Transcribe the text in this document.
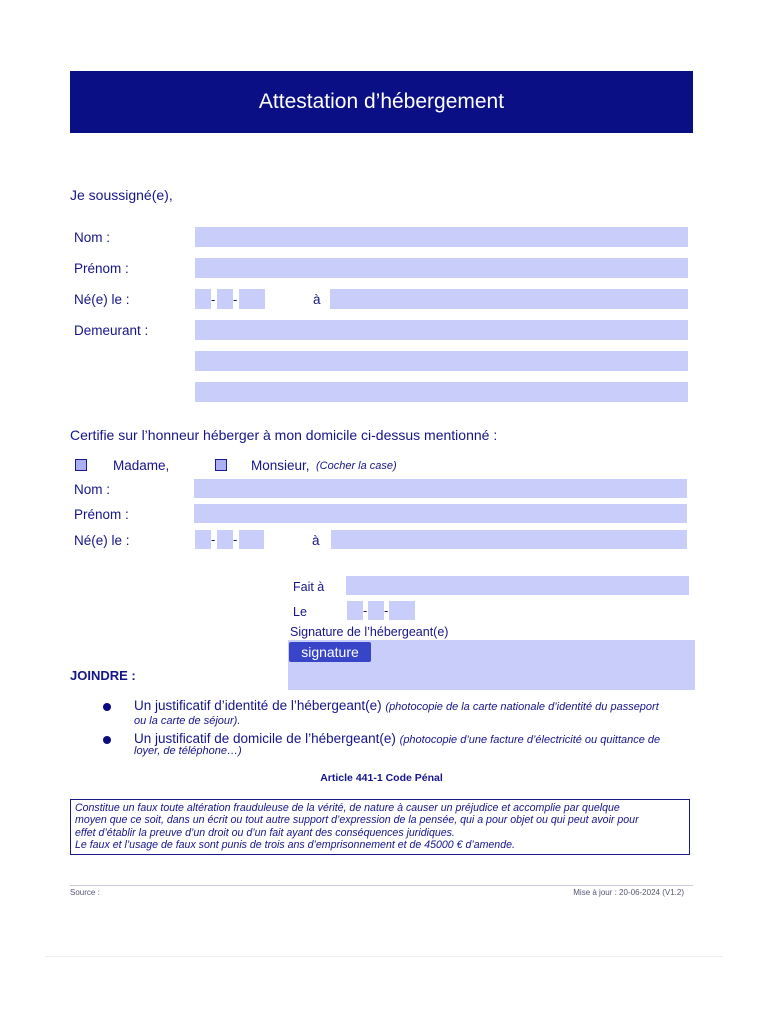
Attestation d’hébergement
Je soussigné(e),
Nom :
Prénom :
Né(e) le :	- -	à
Demeurant :
Certifie sur l’honneur héberger à mon domicile ci-dessus mentionné :
Madame,	Monsieur, (Cocher la case)
Nom :
Prénom :
Né(e) le :	- -	à
Fait à
Le	- -
Signature de l’hébergeant(e)
signature
JOINDRE :
Un justificatif d’identité de l’hébergeant(e) (photocopie de la carte nationale d’identité du passeport
ou la carte de séjour).
Un justificatif de domicile de l’hébergeant(e) (photocopie d’une facture d’électricité ou quittance de
loyer, de téléphone…)
Article 441-1 Code Pénal

Constitue un faux toute altération frauduleuse de la vérité, de nature à causer un préjudice et accomplie par quelque

moyen que ce soit, dans un écrit ou tout autre support d’expression de la pensée, qui a pour objet ou qui peut avoir pour

effet d’établir la preuve d’un droit ou d’un fait ayant des conséquences juridiques.

Le faux et l’usage de faux sont punis de trois ans d’emprisonnement et de 45000 € d’amende.

Source :	Mise à jour : 20-06-2024 (V1.2)
